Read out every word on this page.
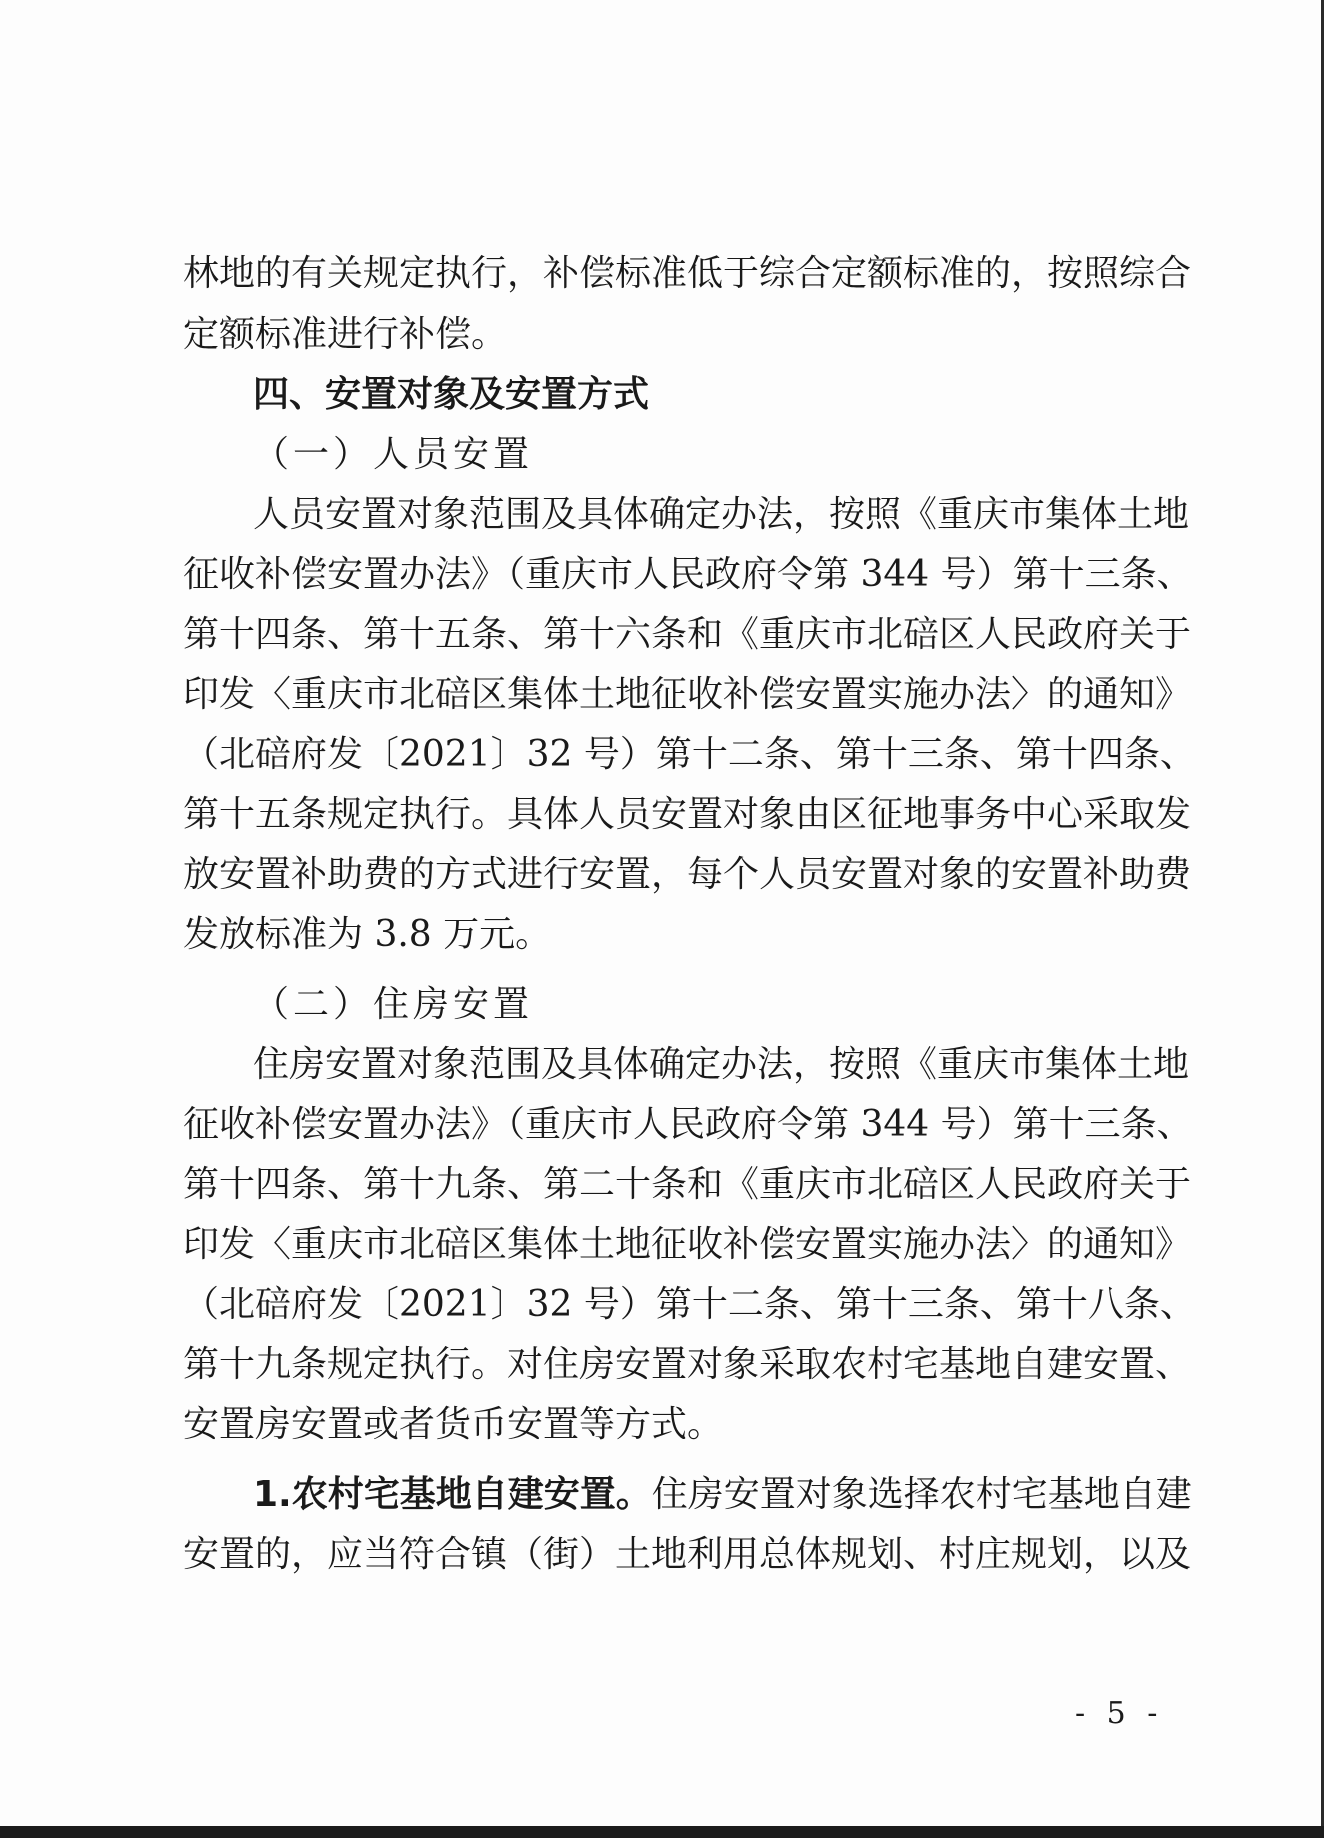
林地的有关规定执行，补偿标准低于综合定额标准的，按照综合
定额标准进行补偿。
四、安置对象及安置方式
（一）人员安置
人员安置对象范围及具体确定办法，按照《重庆市集体土地
征收补偿安置办法》（重庆市人民政府令第 344 号）第十三条、
第十四条、第十五条、第十六条和《重庆市北碚区人民政府关于
印发〈重庆市北碚区集体土地征收补偿安置实施办法〉的通知》
（北碚府发〔2021〕32 号）第十二条、第十三条、第十四条、
第十五条规定执行。具体人员安置对象由区征地事务中心采取发
放安置补助费的方式进行安置，每个人员安置对象的安置补助费
发放标准为 3.8 万元。
（二）住房安置
住房安置对象范围及具体确定办法，按照《重庆市集体土地
征收补偿安置办法》（重庆市人民政府令第 344 号）第十三条、
第十四条、第十九条、第二十条和《重庆市北碚区人民政府关于
印发〈重庆市北碚区集体土地征收补偿安置实施办法〉的通知》
（北碚府发〔2021〕32 号）第十二条、第十三条、第十八条、
第十九条规定执行。对住房安置对象采取农村宅基地自建安置、
安置房安置或者货币安置等方式。
1.农村宅基地自建安置。住房安置对象选择农村宅基地自建
安置的，应当符合镇（街）土地利用总体规划、村庄规划，以及
- 5 -
